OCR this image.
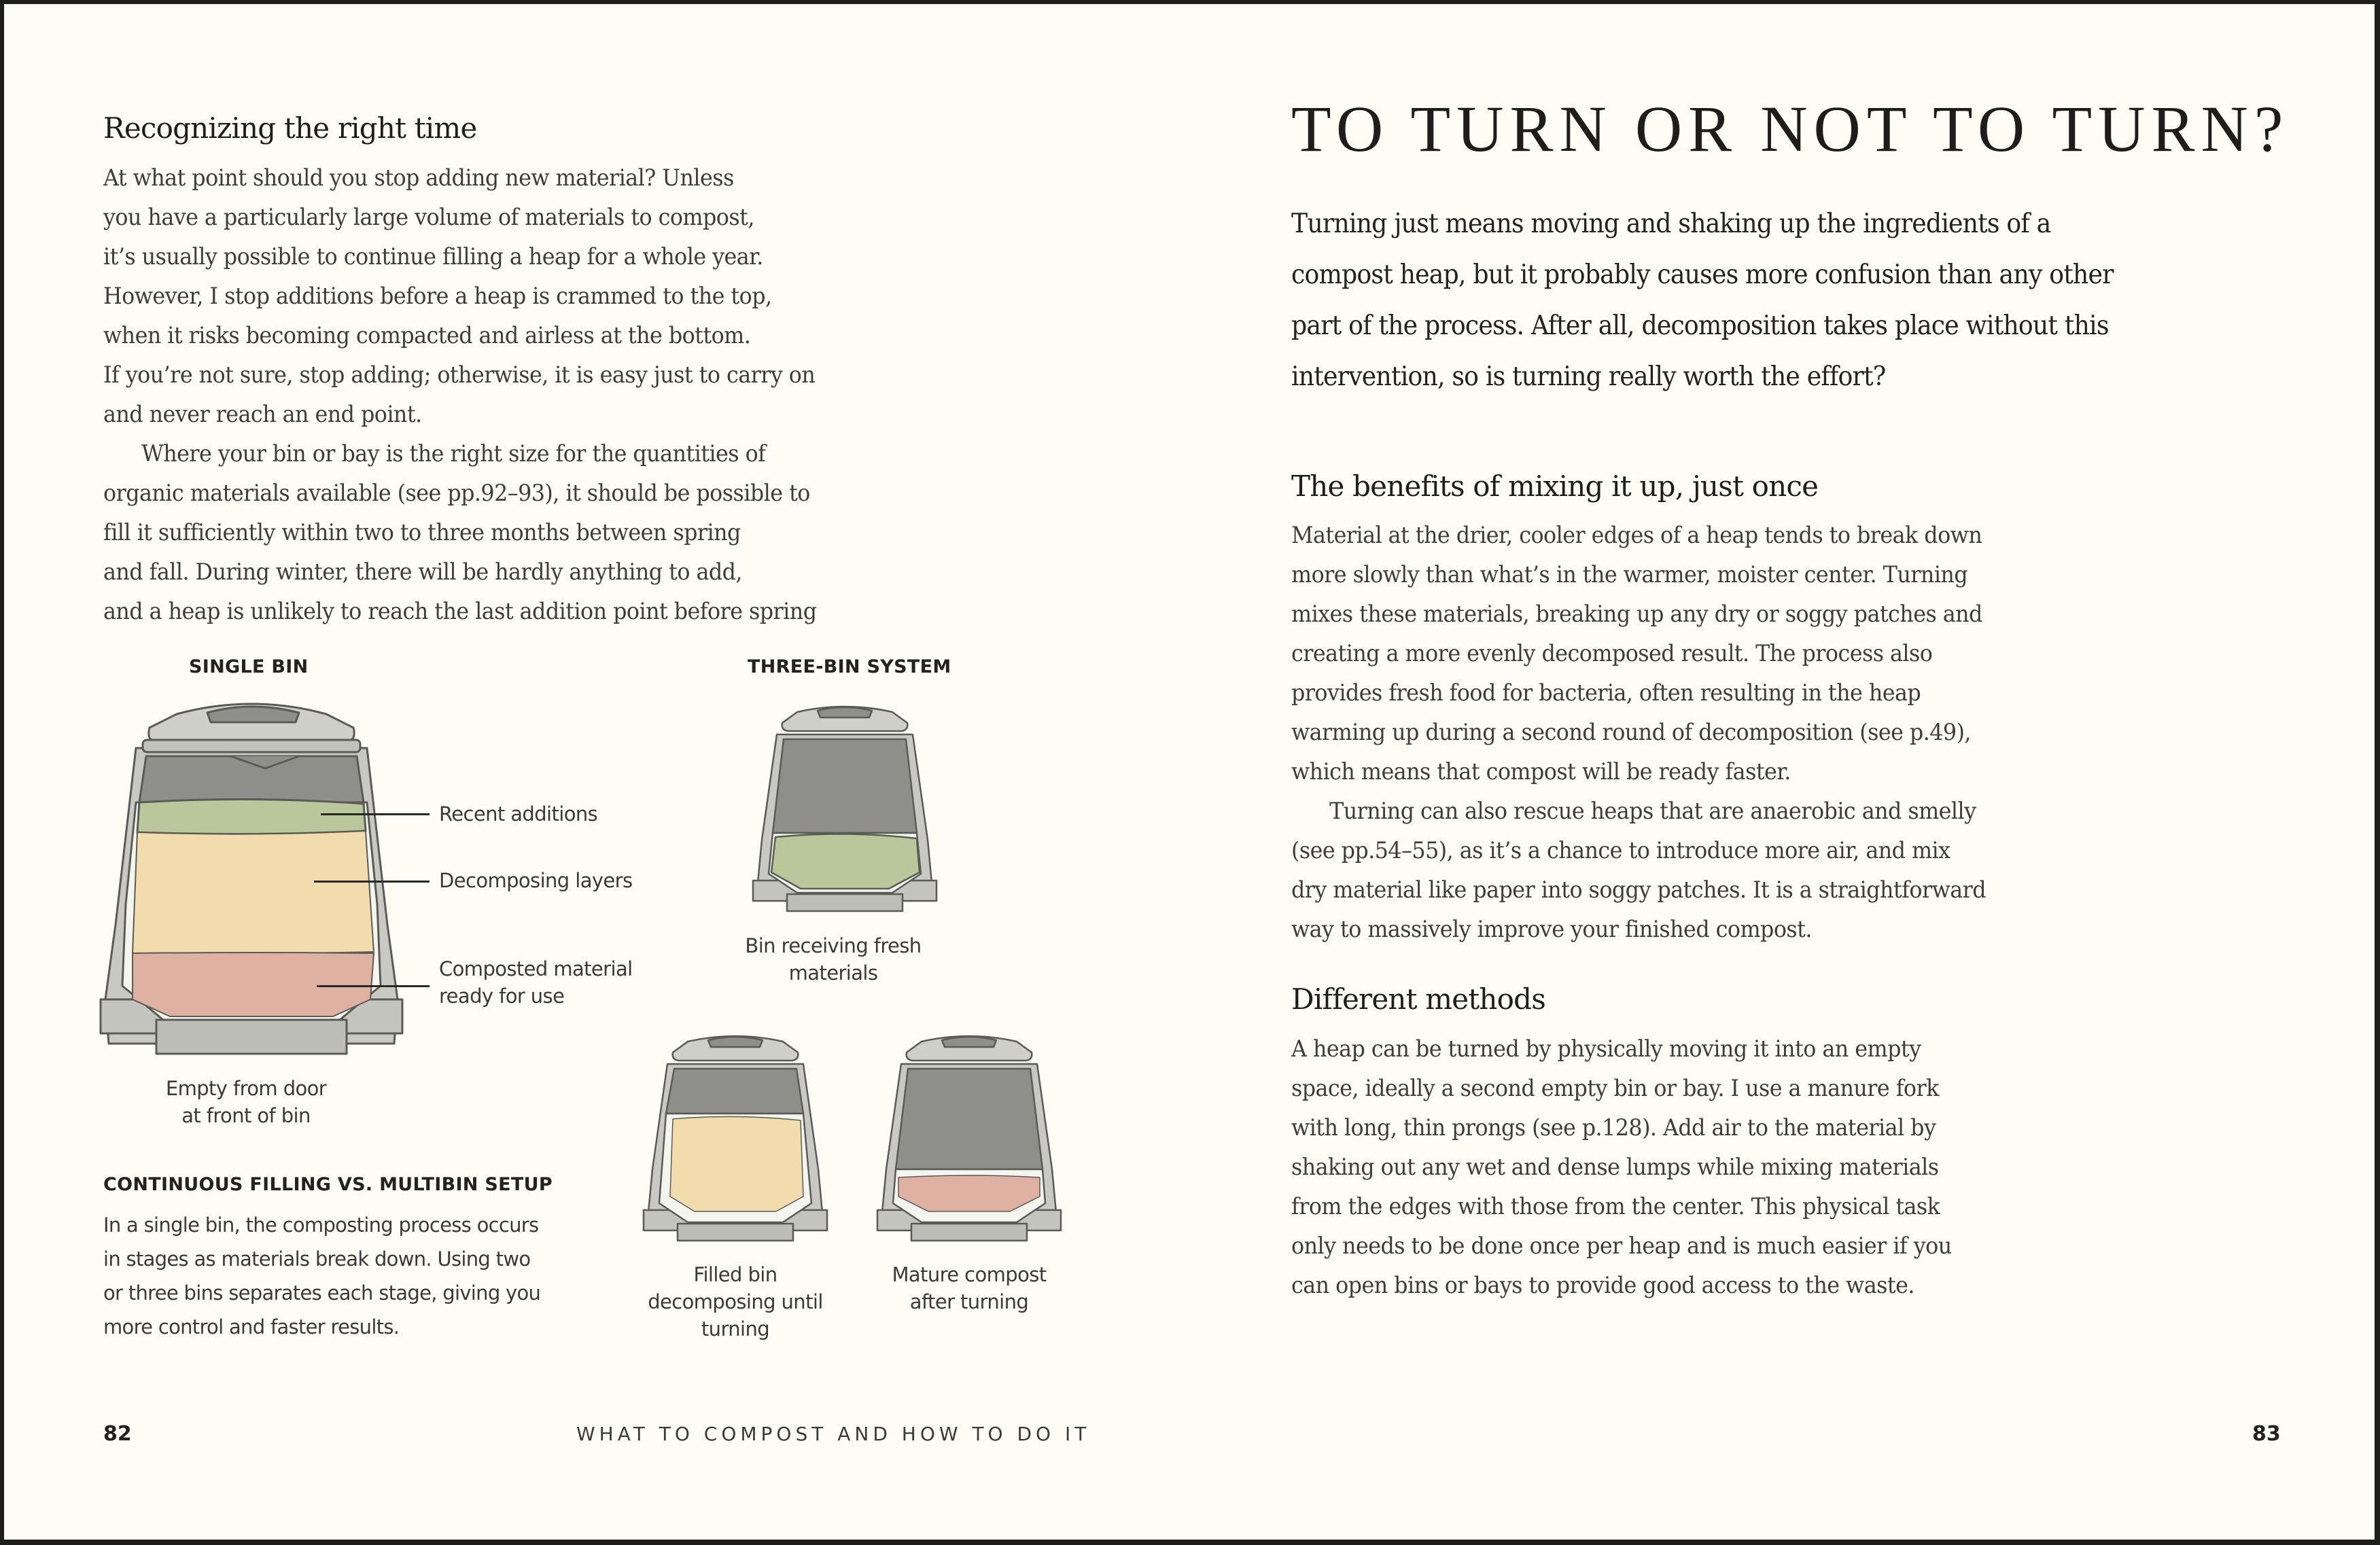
Recognizing the right time
At what point should you stop adding new material? Unless
you have a particularly large volume of materials to compost,
it’s usually possible to continue filling a heap for a whole year.
However, I stop additions before a heap is crammed to the top,
when it risks becoming compacted and airless at the bottom.
If you’re not sure, stop adding; otherwise, it is easy just to carry on
and never reach an end point.
Where your bin or bay is the right size for the quantities of
organic materials available (see pp.92–93), it should be possible to
fill it sufficiently within two to three months between spring
and fall. During winter, there will be hardly anything to add,
and a heap is unlikely to reach the last addition point before spring
SINGLE BIN	THREE-BIN SYSTEM
Recent additions
Decomposing layers
Composted material
ready for use
Empty from door
at front of bin
Bin receiving fresh
materials
Filled bin
decomposing until
turning
Mature compost
after turning
CONTINUOUS FILLING VS. MULTIBIN SETUP
In a single bin, the composting process occurs
in stages as materials break down. Using two
or three bins separates each stage, giving you
more control and faster results.
82	WHAT TO COMPOST AND HOW TO DO IT
TO TURN OR NOT TO TURN?
Turning just means moving and shaking up the ingredients of a
compost heap, but it probably causes more confusion than any other
part of the process. After all, decomposition takes place without this
intervention, so is turning really worth the effort?
The benefits of mixing it up, just once
Material at the drier, cooler edges of a heap tends to break down
more slowly than what’s in the warmer, moister center. Turning
mixes these materials, breaking up any dry or soggy patches and
creating a more evenly decomposed result. The process also
provides fresh food for bacteria, often resulting in the heap
warming up during a second round of decomposition (see p.49),
which means that compost will be ready faster.
Turning can also rescue heaps that are anaerobic and smelly
(see pp.54–55), as it’s a chance to introduce more air, and mix
dry material like paper into soggy patches. It is a straightforward
way to massively improve your finished compost.
Different methods
A heap can be turned by physically moving it into an empty
space, ideally a second empty bin or bay. I use a manure fork
with long, thin prongs (see p.128). Add air to the material by
shaking out any wet and dense lumps while mixing materials
from the edges with those from the center. This physical task
only needs to be done once per heap and is much easier if you
can open bins or bays to provide good access to the waste.
83
